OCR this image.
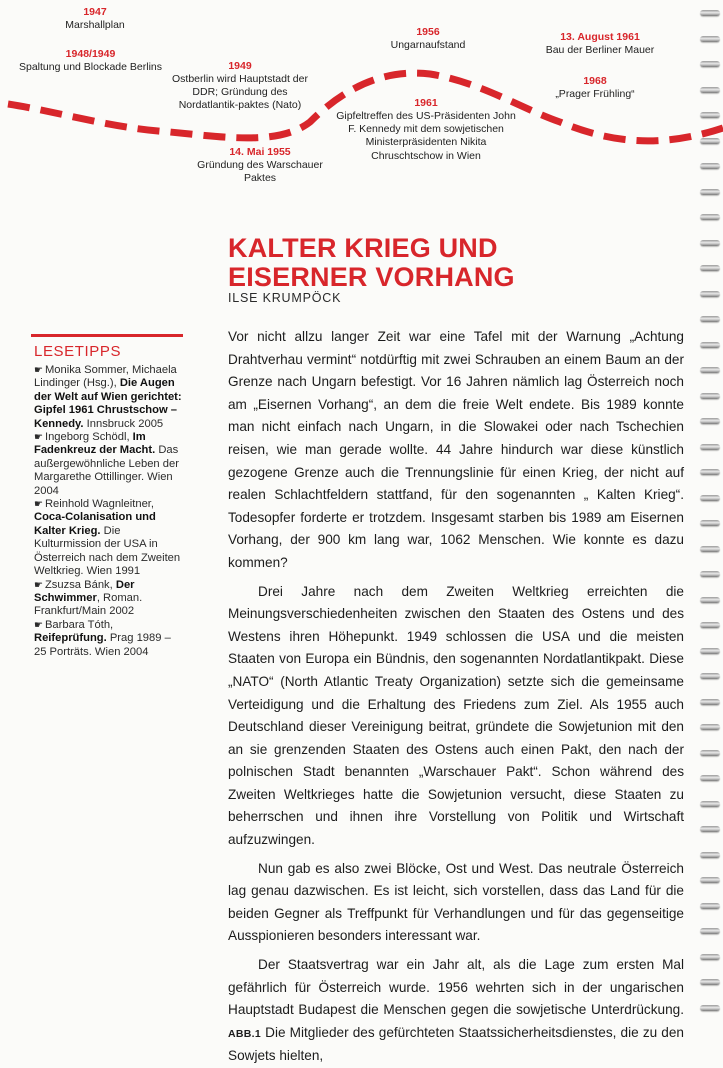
1947
Marshallplan
1948/1949
Spaltung und Blockade Berlins	1949
Ostberlin wird Hauptstadt der DDR; Gründung des Nordatlantik-paktes (Nato)
14. Mai 1955
Gründung des Warschauer Paktes
1956
Ungarnaufstand
1961
Gipfeltreffen des US-Präsidenten John F. Kennedy mit dem sowjetischen Ministerpräsidenten Nikita Chruschtschow in Wien
13. August 1961
Bau der Berliner Mauer
1968
„Prager Frühling“
KALTER KRIEG UND
EISERNER VORHANG
ILSE KRUMPÖCK
LESETIPPS

☛ Monika Sommer, Michaela Lindinger (Hsg.), Die Augen der Welt auf Wien gerichtet: Gipfel 1961 Chrustschow – Kennedy. Innsbruck 2005

☛ Ingeborg Schödl, Im Fadenkreuz der Macht. Das außergewöhnliche Leben der Margarethe Ottillinger. Wien 2004

☛ Reinhold Wagnleitner, Coca-Colanisation und Kalter Krieg. Die Kulturmission der USA in Österreich nach dem Zweiten Weltkrieg. Wien 1991

☛ Zsuzsa Bánk, Der Schwimmer, Roman. Frankfurt/Main 2002

☛ Barbara Tóth, Reifeprüfung. Prag 1989 – 25 Porträts. Wien 2004

Vor nicht allzu langer Zeit war eine Tafel mit der Warnung „Achtung Drahtverhau vermint“ notdürftig mit zwei Schrauben an einem Baum an der Grenze nach Ungarn befestigt. Vor 16 Jahren nämlich lag Österreich noch am „Eisernen Vorhang“, an dem die freie Welt endete. Bis 1989 konnte man nicht einfach nach Ungarn, in die Slowakei oder nach Tschechien reisen, wie man gerade wollte. 44 Jahre hindurch war diese künstlich gezogene Grenze auch die Trennungslinie für einen Krieg, der nicht auf realen Schlachtfeldern stattfand, für den sogenannten „ Kalten Krieg“. Todesopfer forderte er trotzdem. Insgesamt starben bis 1989 am Eisernen Vorhang, der 900 km lang war, 1062 Menschen. Wie konnte es dazu kommen?

Drei Jahre nach dem Zweiten Weltkrieg erreichten die Meinungsverschiedenheiten zwischen den Staaten des Ostens und des Westens ihren Höhepunkt. 1949 schlossen die USA und die meisten Staaten von Europa ein Bündnis, den sogenannten Nordatlantikpakt. Diese „NATO“ (North Atlantic Treaty Organization) setzte sich die gemeinsame Verteidigung und die Erhaltung des Friedens zum Ziel. Als 1955 auch Deutschland dieser Vereinigung beitrat, gründete die Sowjetunion mit den an sie grenzenden Staaten des Ostens auch einen Pakt, den nach der polnischen Stadt benannten „Warschauer Pakt“. Schon während des Zweiten Weltkrieges hatte die Sowjetunion versucht, diese Staaten zu beherrschen und ihnen ihre Vorstellung von Politik und Wirtschaft aufzuzwingen.

Nun gab es also zwei Blöcke, Ost und West. Das neutrale Österreich lag genau dazwischen. Es ist leicht, sich vorstellen, dass das Land für die beiden Gegner als Treffpunkt für Verhandlungen und für das gegenseitige Ausspionieren besonders interessant war.

Der Staatsvertrag war ein Jahr alt, als die Lage zum ersten Mal gefährlich für Österreich wurde. 1956 wehrten sich in der ungarischen Hauptstadt Budapest die Menschen gegen die sowjetische Unterdrückung. ABB.1 Die Mitglieder des gefürchteten Staatssicherheitsdienstes, die zu den Sowjets hielten,
